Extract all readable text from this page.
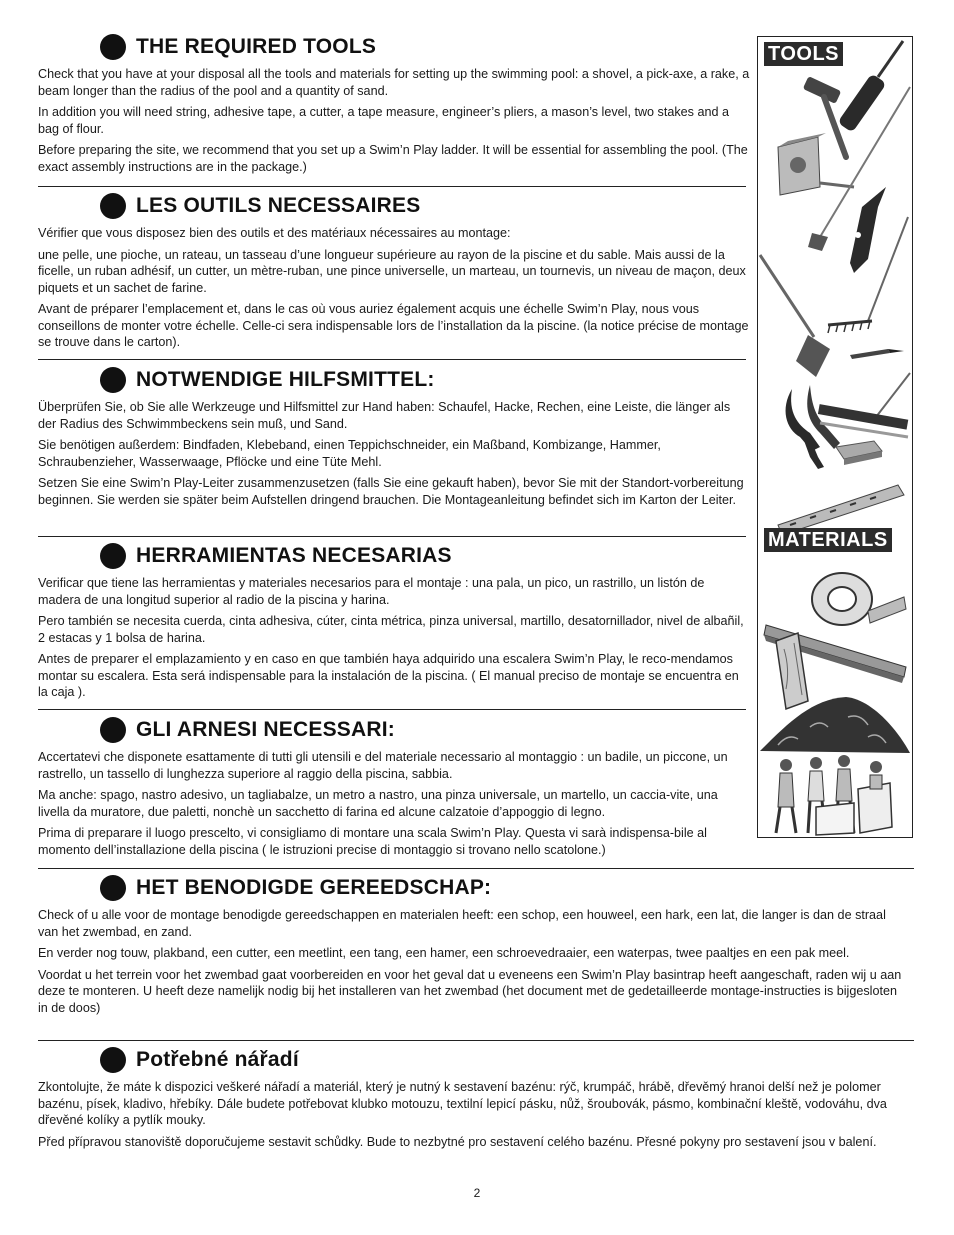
THE REQUIRED TOOLS

Check that you have at your disposal all the tools and materials for setting up the swimming pool: a shovel, a pick-axe, a rake, a beam longer than the radius of the pool and a quantity of sand.

In addition you will need string, adhesive tape, a cutter, a tape measure, engineer’s pliers, a mason’s level, two stakes and a bag of flour.

Before preparing the site, we recommend that you set up a Swim’n Play ladder. It will be essential for assembling the pool. (The exact assembly instructions are in the package.)

LES OUTILS NECESSAIRES

Vérifier que vous disposez bien des outils et des matériaux nécessaires au montage:

une pelle, une pioche, un rateau, un tasseau d’une longueur supérieure au rayon de la piscine et du sable. Mais aussi de la ficelle, un ruban adhésif, un cutter, un mètre-ruban, une pince universelle, un marteau, un tournevis, un niveau de maçon, deux piquets et un sachet de farine.

Avant de préparer l’emplacement et, dans le cas où vous auriez également acquis une échelle Swim’n Play, nous vous conseillons de monter votre échelle. Celle-ci sera indispensable lors de l’installation da la piscine. (la notice précise de montage se trouve dans le carton).

NOTWENDIGE HILFSMITTEL:

Überprüfen Sie, ob Sie alle Werkzeuge und Hilfsmittel zur Hand haben: Schaufel, Hacke, Rechen, eine Leiste, die länger als der Radius des Schwimmbeckens sein muß, und Sand.

Sie benötigen außerdem: Bindfaden, Klebeband, einen Teppichschneider, ein Maßband, Kombizange, Hammer, Schraubenzieher, Wasserwaage, Pflöcke und eine Tüte Mehl.

Setzen Sie eine Swim’n Play-Leiter zusammenzusetzen (falls Sie eine gekauft haben), bevor Sie mit der Standort-vorbereitung beginnen. Sie werden sie später beim Aufstellen dringend brauchen. Die Montageanleitung befindet sich im Karton der Leiter.

HERRAMIENTAS NECESARIAS

Verificar que tiene las herramientas y materiales necesarios para el montaje : una pala, un pico, un rastrillo, un listón de madera de una longitud superior al radio de la piscina y harina.

Pero también se necesita cuerda, cinta adhesiva, cúter, cinta métrica, pinza universal, martillo, desatornillador, nivel de albañil, 2 estacas y 1 bolsa de harina.

Antes de preparer el emplazamiento y en caso en que también haya adquirido una escalera Swim’n Play, le reco-mendamos montar su escalera. Esta será indispensable para la instalación de la piscina. ( El manual preciso de montaje se encuentra en la caja ).

GLI ARNESI NECESSARI:

Accertatevi che disponete esattamente di tutti gli utensili e del materiale necessario al montaggio : un badile, un piccone, un rastrello, un tassello di lunghezza superiore al raggio della piscina, sabbia.

Ma anche: spago, nastro adesivo, un tagliabalze, un metro a nastro, una pinza universale, un martello, un caccia-vite, una livella da muratore, due paletti, nonchè un sacchetto di farina ed alcune calzatoie d’appoggio di legno.

Prima di preparare il luogo prescelto, vi consigliamo di montare una scala Swim’n Play. Questa vi sarà indispensa-bile al momento dell’installazione della piscina ( le istruzioni precise di montaggio si trovano nello scatolone.)

HET BENODIGDE GEREEDSCHAP:

Check of u alle voor de montage benodigde gereedschappen en materialen heeft: een schop, een houweel, een hark, een lat, die langer is dan de straal van het zwembad, en zand.

En verder nog touw, plakband, een cutter, een meetlint, een tang, een hamer, een schroevedraaier, een waterpas, twee paaltjes en een pak meel.

Voordat u het terrein voor het zwembad gaat voorbereiden en voor het geval dat u eveneens een Swim’n Play basintrap heeft aangeschaft, raden wij u aan deze te monteren. U heeft deze namelijk nodig bij het installeren van het zwembad (het document met de gedetailleerde montage-instructies is bijgesloten in de doos)

Potřebné nářadí

Zkontolujte, že máte k dispozici veškeré nářadí a materiál, který je nutný k sestavení bazénu: rýč, krumpáč, hrábě, dřevěmý hranoi delší než je polomer bazénu, písek, kladivo, hřebíky. Dále budete potřebovat klubko motouzu, textilní lepicí pásku, nůž, šroubovák, pásmo, kombinační kleště, vodováhu, dva dřevěné kolíky a pytlík mouky.

Před přípravou stanoviště doporučujeme sestavit schůdky. Bude to nezbytné pro sestavení celého bazénu. Přesné pokyny pro sestavení jsou v balení.

TOOLS
MATERIALS
2
